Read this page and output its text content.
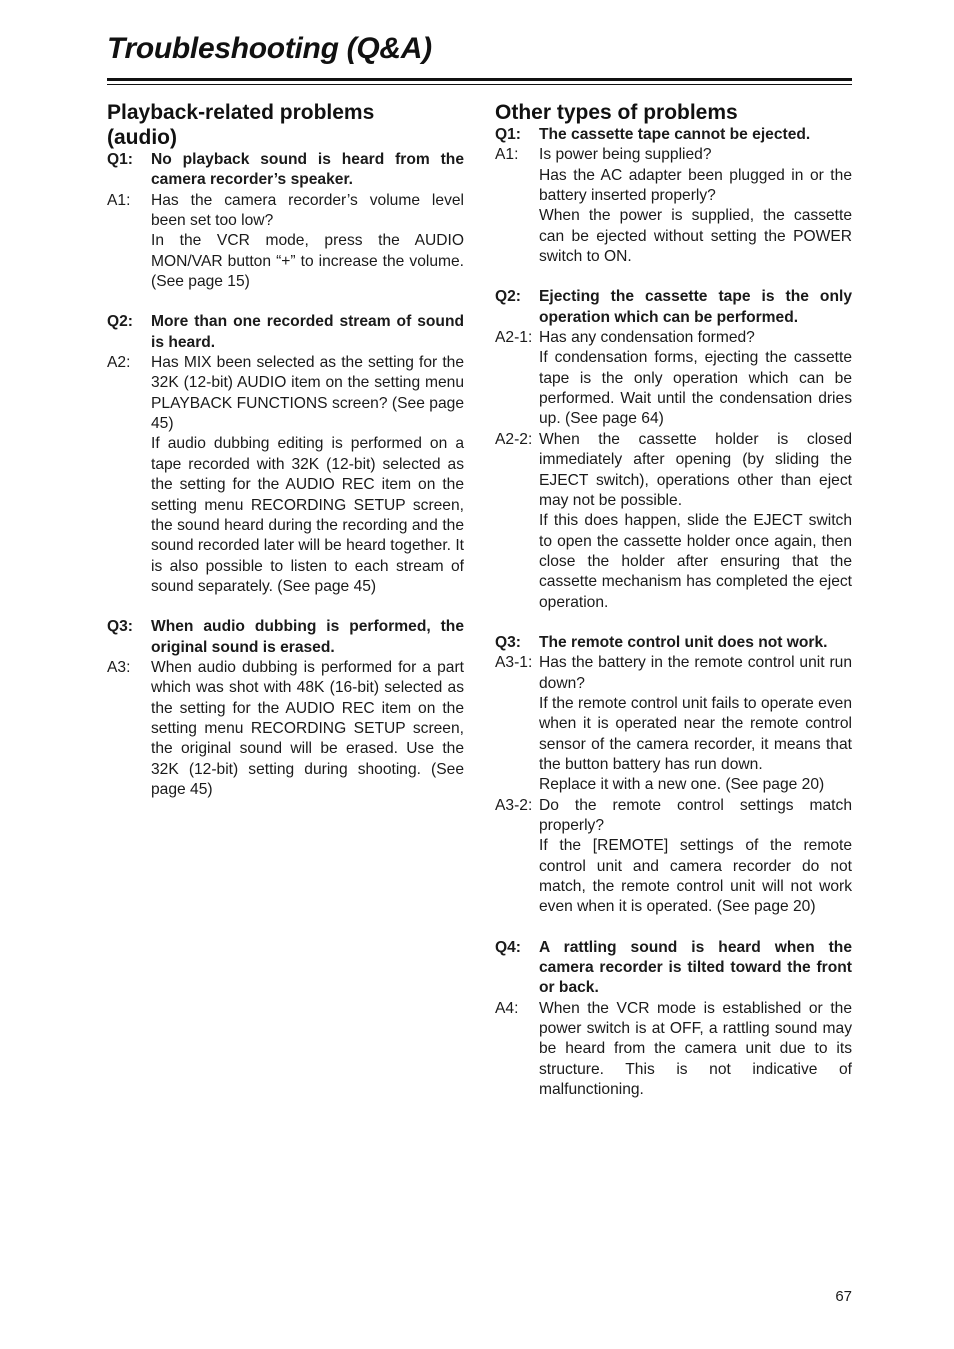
Troubleshooting (Q&A)
Playback-related problems (audio)
Q1:	No playback sound is heard from the camera recorder’s speaker.
A1:	Has the camera recorder’s volume level been set too low?
In the VCR mode, press the AUDIO MON/VAR button “+” to increase the volume. (See page 15)
Q2:	More than one recorded stream of sound is heard.
A2:	Has MIX been selected as the setting for the 32K (12-bit) AUDIO item on the setting menu PLAYBACK FUNCTIONS screen? (See page 45)
If audio dubbing editing is performed on a tape recorded with 32K (12-bit) selected as the setting for the AUDIO REC item on the setting menu RECORDING SETUP screen, the sound heard during the recording and the sound recorded later will be heard together. It is also possible to listen to each stream of sound separately. (See page 45)
Q3:	When audio dubbing is performed, the original sound is erased.
A3:	When audio dubbing is performed for a part which was shot with 48K (16-bit) selected as the setting for the AUDIO REC item on the setting menu RECORDING SETUP screen, the original sound will be erased. Use the 32K (12-bit) setting during shooting. (See page 45)
Other types of problems
Q1:	The cassette tape cannot be ejected.
A1:	Is power being supplied?
Has the AC adapter been plugged in or the battery inserted properly?
When the power is supplied, the cassette can be ejected without setting the POWER switch to ON.
Q2:	Ejecting the cassette tape is the only operation which can be performed.
A2-1: Has any condensation formed?
If condensation forms, ejecting the cassette tape is the only operation which can be performed. Wait until the condensation dries up. (See page 64)
A2-2: When the cassette holder is closed immediately after opening (by sliding the EJECT switch), operations other than eject may not be possible.
If this does happen, slide the EJECT switch to open the cassette holder once again, then close the holder after ensuring that the cassette mechanism has completed the eject operation.
Q3:	The remote control unit does not work.
A3-1: Has the battery in the remote control unit run down?
If the remote control unit fails to operate even when it is operated near the remote control sensor of the camera recorder, it means that the button battery has run down.
Replace it with a new one. (See page 20)
A3-2: Do the remote control settings match properly?
If the [REMOTE] settings of the remote control unit and camera recorder do not match, the remote control unit will not work even when it is operated. (See page 20)
Q4:	A rattling sound is heard when the camera recorder is tilted toward the front or back.
A4:	When the VCR mode is established or the power switch is at OFF, a rattling sound may be heard from the camera unit due to its structure. This is not indicative of malfunctioning.
67
